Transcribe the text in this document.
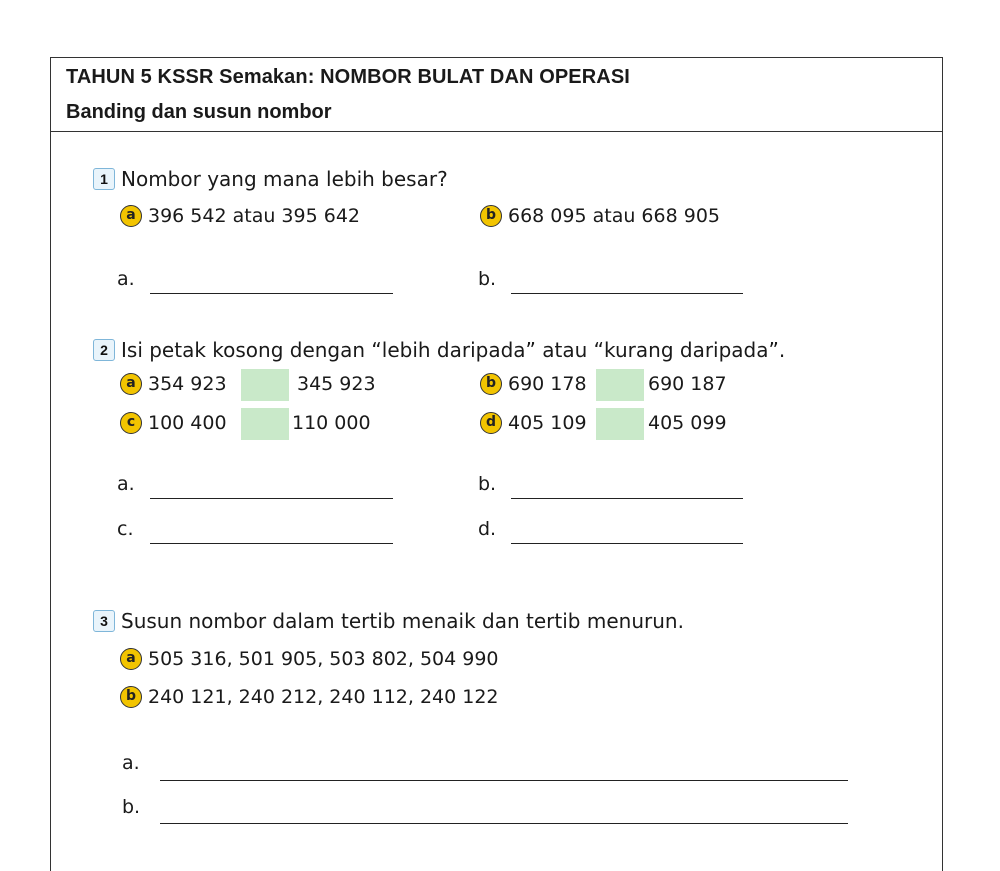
TAHUN 5 KSSR Semakan: NOMBOR BULAT DAN OPERASI
Banding dan susun nombor
1 Nombor yang mana lebih besar?
a 396 542 atau 395 642	b 668 095 atau 668 905
a.	b.
2 Isi petak kosong dengan “lebih daripada” atau “kurang daripada”.
a 354 923	345 923	b 690 178	690 187
c 100 400	110 000	d 405 109	405 099
a.	b.
c.	d.
3 Susun nombor dalam tertib menaik dan tertib menurun.
a 505 316, 501 905, 503 802, 504 990
b 240 121, 240 212, 240 112, 240 122
a.
b.
